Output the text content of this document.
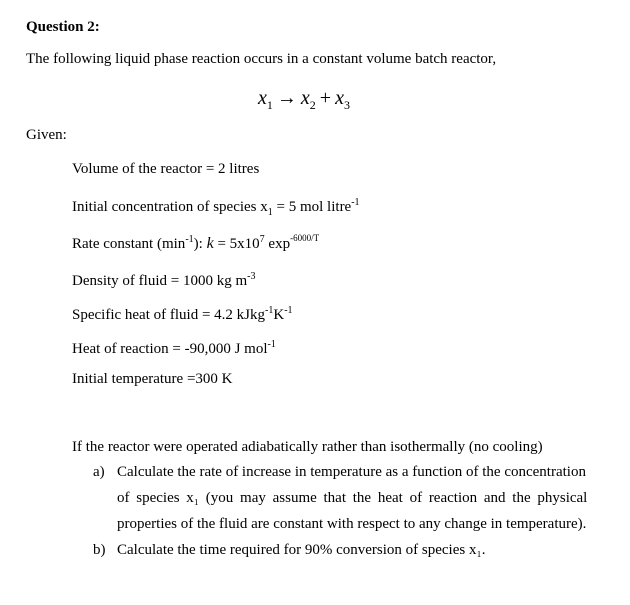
Question 2:
The following liquid phase reaction occurs in a constant volume batch reactor,
$x_1 \to x_2 + x_3$
Given:
Volume of the reactor = 2 litres
Initial concentration of species $x_1 = 5$ mol litre$^{-1}$
Rate constant $(\min^{-1})$: $k = 5x10^7$ $\exp^{-6000/T}$
Density of fluid = 1000 kg $m^{-3}$
Specific heat of fluid = 4.2 $kJkg^{-1}K^{-1}$
Heat of reaction = -90,000 J mol$^{-1}$
Initial temperature =300 K
If the reactor were operated adiabatically rather than isothermally (no cooling)
a) Calculate the rate of increase in temperature as a function of the concentration
of species x₁ (you may assume that the heat of reaction and the physical
properties of the fluid are constant with respect to any change in temperature).
b) Calculate the time required for 90% conversion of species x₁.
